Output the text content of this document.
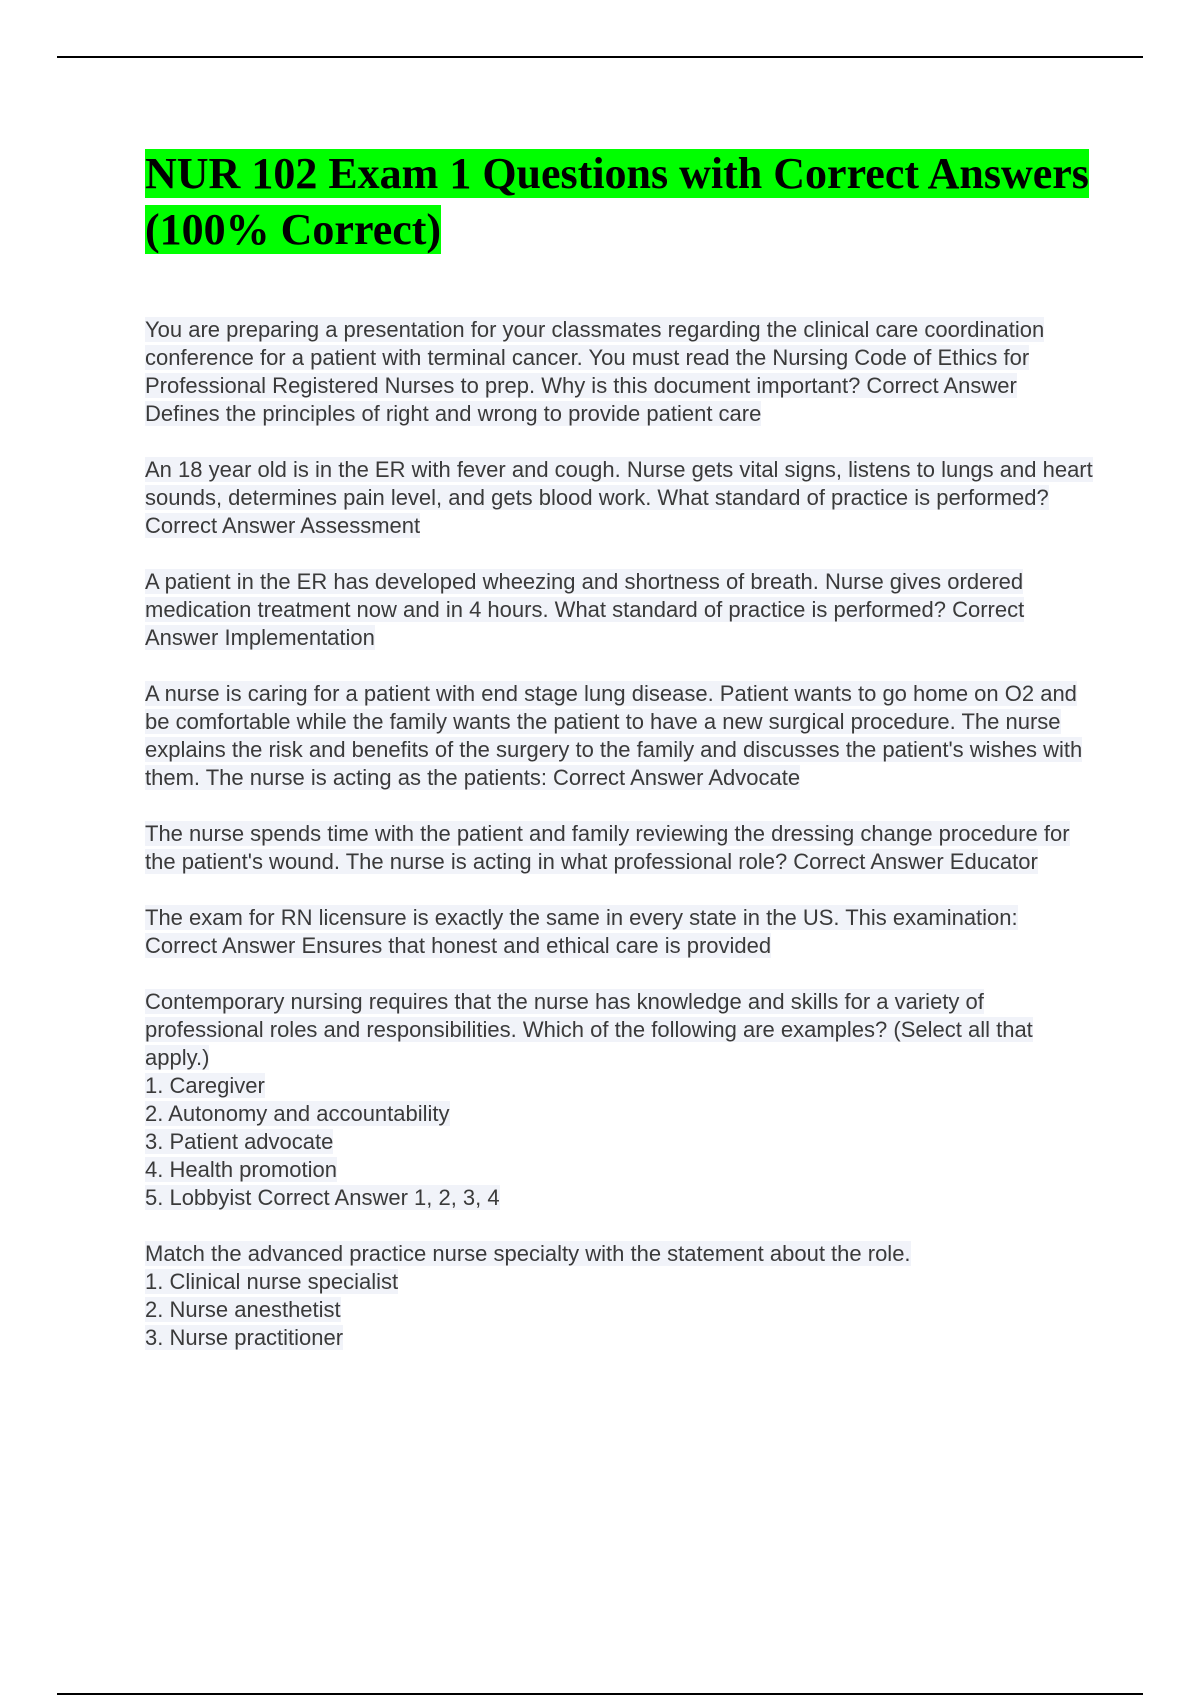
NUR 102 Exam 1 Questions with Correct Answers (100% Correct)

You are preparing a presentation for your classmates regarding the clinical care coordination conference for a patient with terminal cancer. You must read the Nursing Code of Ethics for Professional Registered Nurses to prep. Why is this document important? Correct Answer Defines the principles of right and wrong to provide patient care

An 18 year old is in the ER with fever and cough. Nurse gets vital signs, listens to lungs and heart sounds, determines pain level, and gets blood work. What standard of practice is performed? Correct Answer Assessment

A patient in the ER has developed wheezing and shortness of breath. Nurse gives ordered medication treatment now and in 4 hours. What standard of practice is performed? Correct Answer Implementation

A nurse is caring for a patient with end stage lung disease. Patient wants to go home on O2 and be comfortable while the family wants the patient to have a new surgical procedure. The nurse explains the risk and benefits of the surgery to the family and discusses the patient's wishes with them. The nurse is acting as the patients: Correct Answer Advocate

The nurse spends time with the patient and family reviewing the dressing change procedure for the patient's wound. The nurse is acting in what professional role? Correct Answer Educator

The exam for RN licensure is exactly the same in every state in the US. This examination: Correct Answer Ensures that honest and ethical care is provided

Contemporary nursing requires that the nurse has knowledge and skills for a variety of professional roles and responsibilities. Which of the following are examples? (Select all that apply.)
1. Caregiver
2. Autonomy and accountability
3. Patient advocate
4. Health promotion
5. Lobbyist Correct Answer 1, 2, 3, 4

Match the advanced practice nurse specialty with the statement about the role.
1. Clinical nurse specialist
2. Nurse anesthetist
3. Nurse practitioner
